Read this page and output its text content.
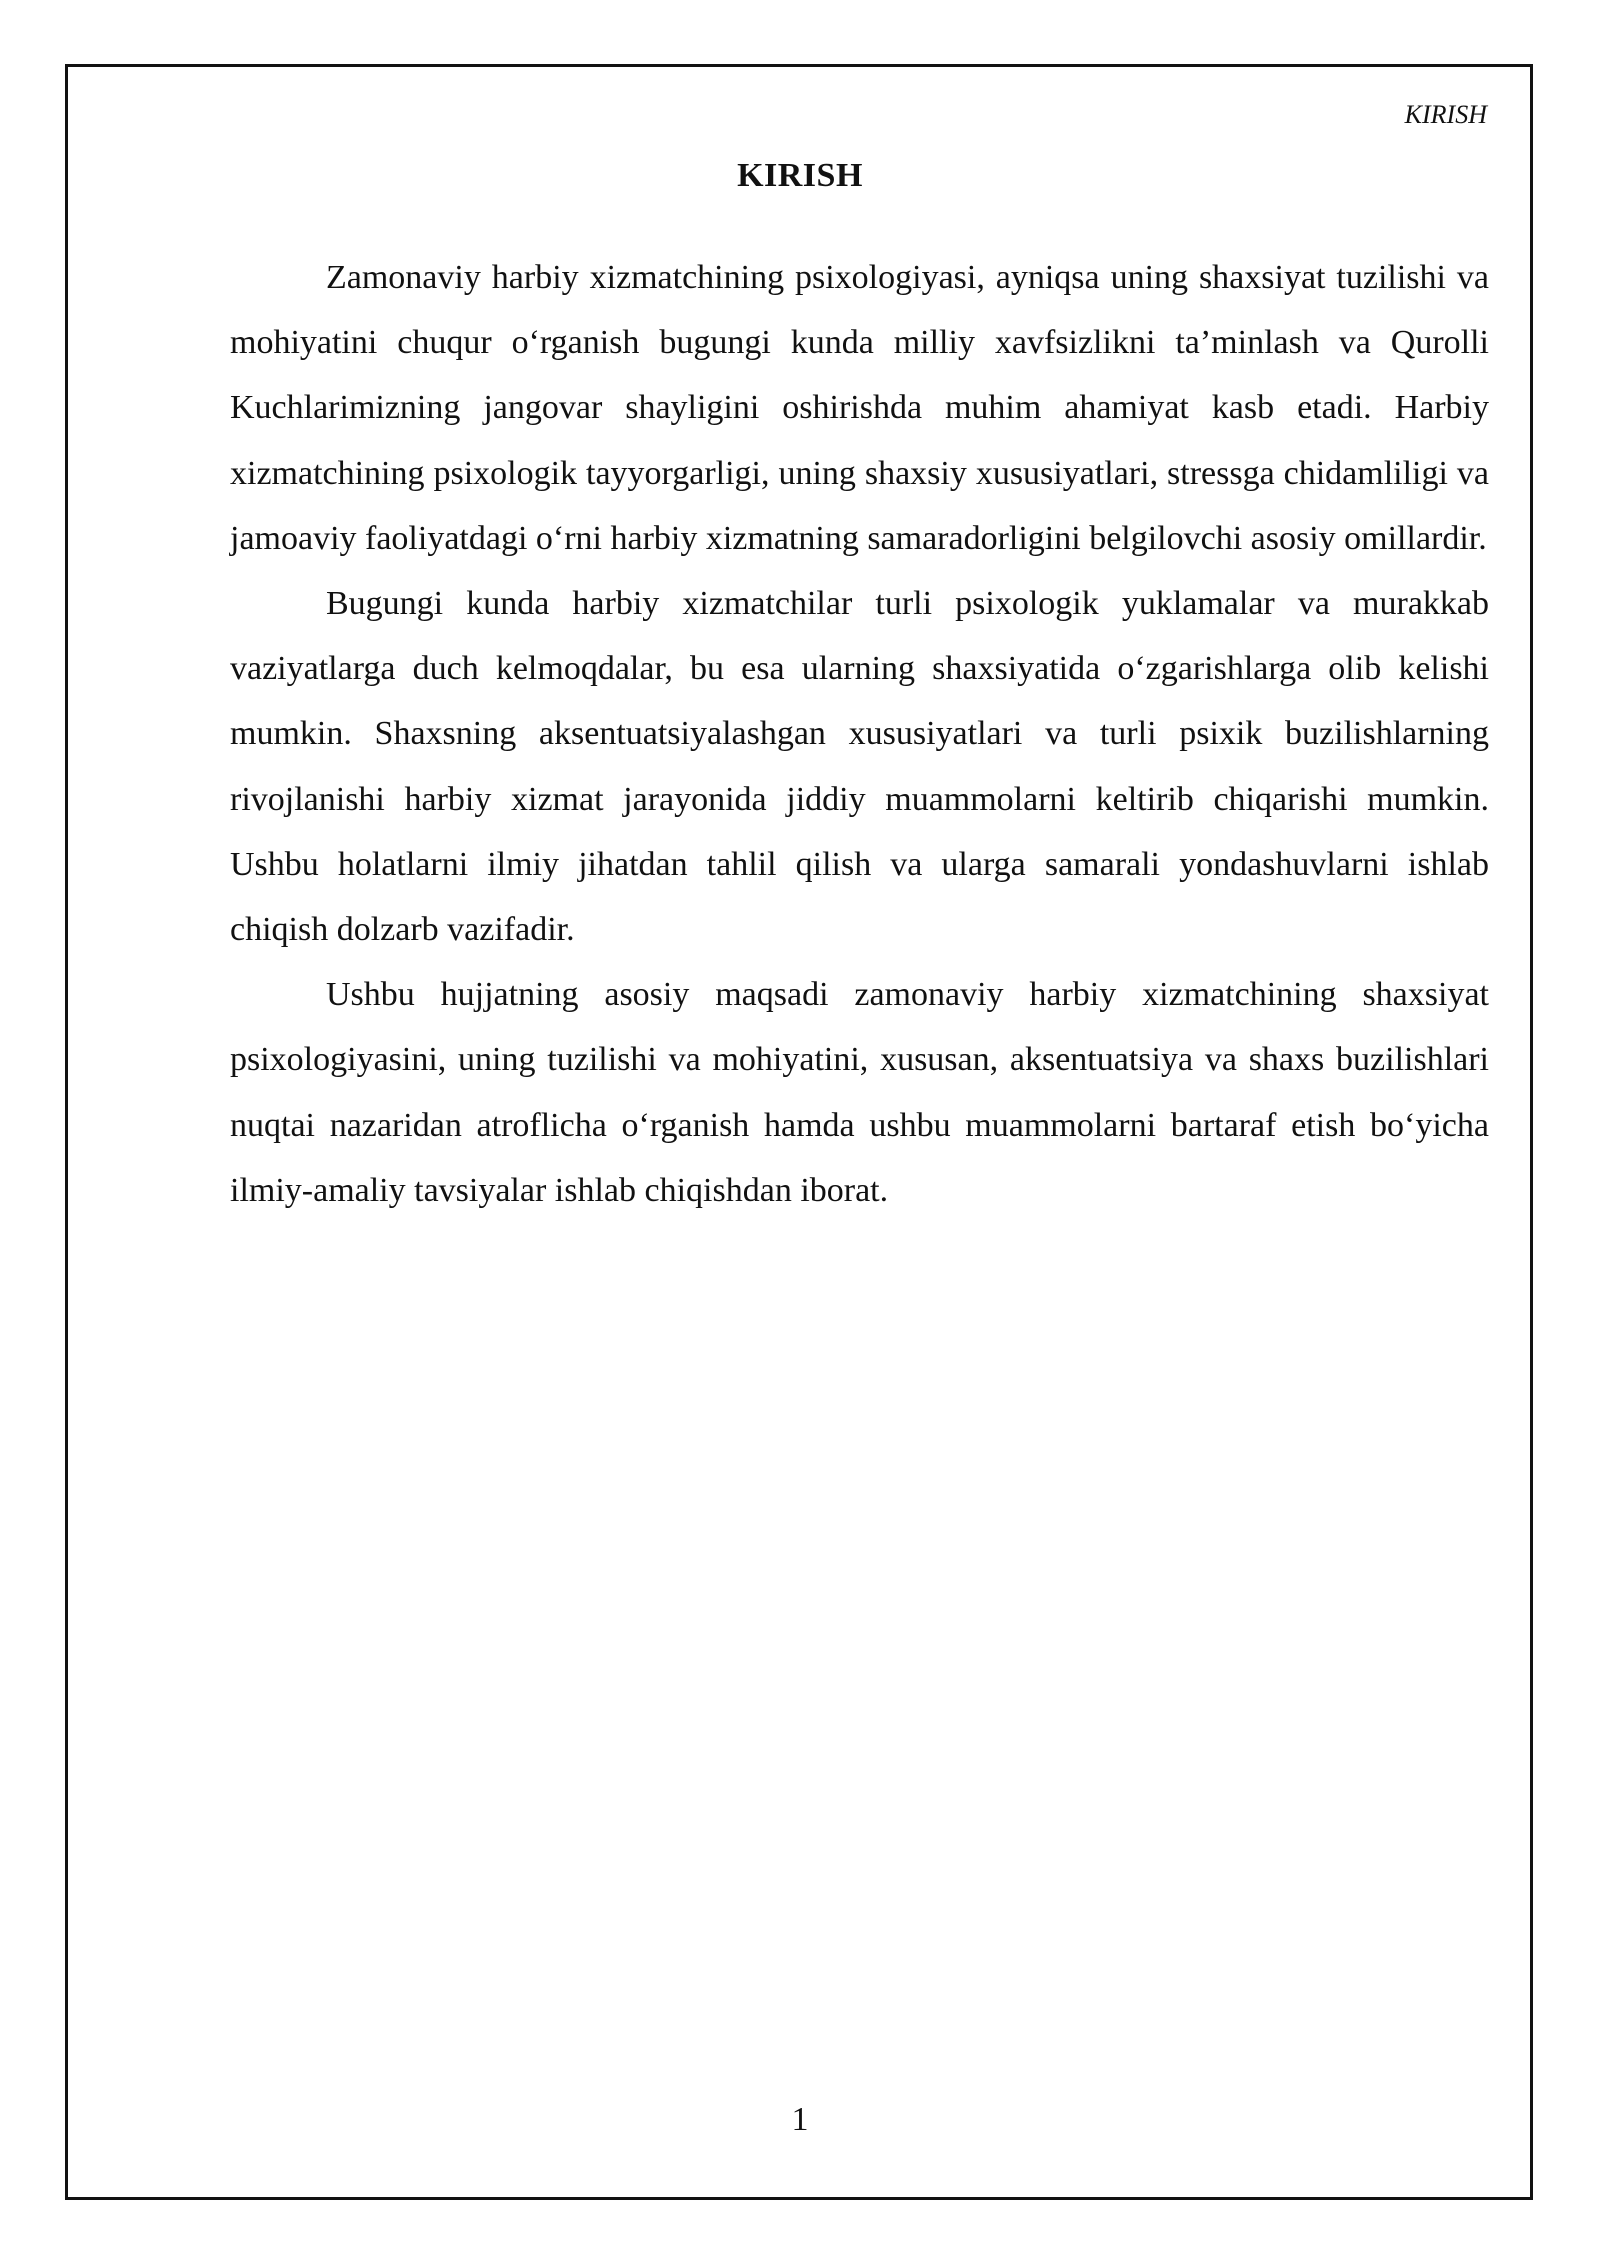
KIRISH
KIRISH

Zamonaviy harbiy xizmatchining psixologiyasi, ayniqsa uning shaxsiyat tuzilishi va mohiyatini chuqur o‘rganish bugungi kunda milliy xavfsizlikni ta’minlash va Qurolli Kuchlarimizning jangovar shayligini oshirishda muhim ahamiyat kasb etadi. Harbiy xizmatchining psixologik tayyorgarligi, uning shaxsiy xususiyatlari, stressga chidamliligi va jamoaviy faoliyatdagi o‘rni harbiy xizmatning samaradorligini belgilovchi asosiy omillardir.

Bugungi kunda harbiy xizmatchilar turli psixologik yuklamalar va murakkab vaziyatlarga duch kelmoqdalar, bu esa ularning shaxsiyatida o‘zgarishlarga olib kelishi mumkin. Shaxsning aksentuatsiyalashgan xususiyatlari va turli psixik buzilishlarning rivojlanishi harbiy xizmat jarayonida jiddiy muammolarni keltirib chiqarishi mumkin. Ushbu holatlarni ilmiy jihatdan tahlil qilish va ularga samarali yondashuvlarni ishlab chiqish dolzarb vazifadir.

Ushbu hujjatning asosiy maqsadi zamonaviy harbiy xizmatchining shaxsiyat psixologiyasini, uning tuzilishi va mohiyatini, xususan, aksentuatsiya va shaxs buzilishlari nuqtai nazaridan atroflicha o‘rganish hamda ushbu muammolarni bartaraf etish bo‘yicha ilmiy-amaliy tavsiyalar ishlab chiqishdan iborat.

1
